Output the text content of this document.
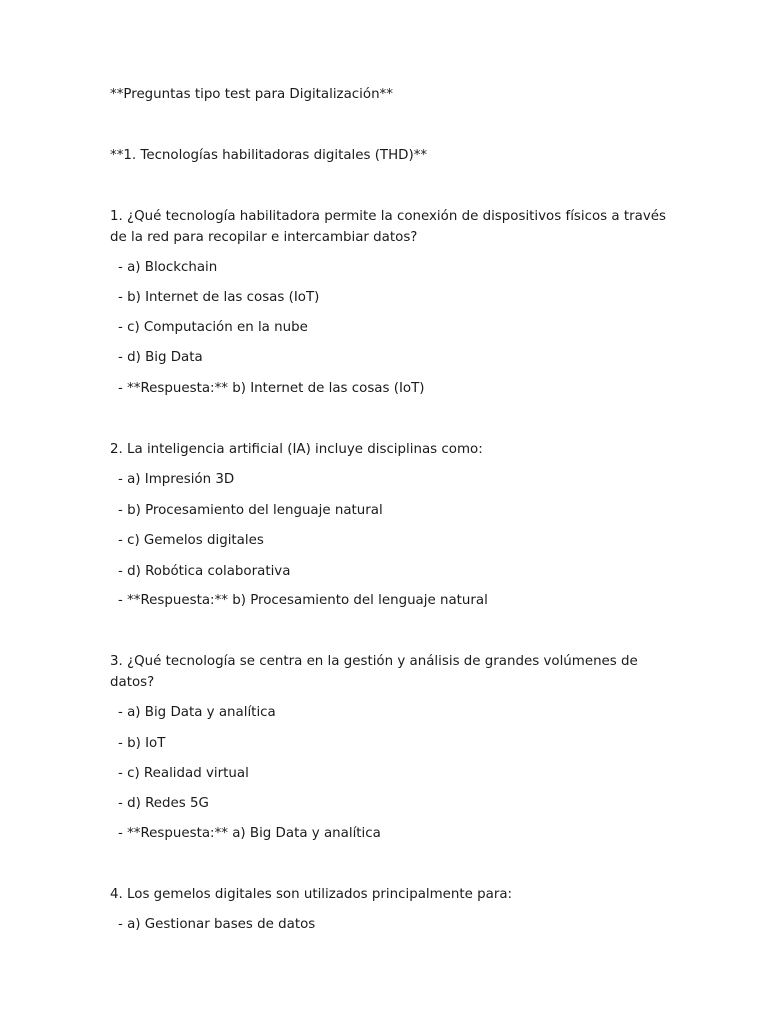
**Preguntas tipo test para Digitalización**
**1. Tecnologías habilitadoras digitales (THD)**
1. ¿Qué tecnología habilitadora permite la conexión de dispositivos físicos a través de la red para recopilar e intercambiar datos?
- a) Blockchain
- b) Internet de las cosas (IoT)
- c) Computación en la nube
- d) Big Data
- **Respuesta:** b) Internet de las cosas (IoT)
2. La inteligencia artificial (IA) incluye disciplinas como:
- a) Impresión 3D
- b) Procesamiento del lenguaje natural
- c) Gemelos digitales
- d) Robótica colaborativa
- **Respuesta:** b) Procesamiento del lenguaje natural
3. ¿Qué tecnología se centra en la gestión y análisis de grandes volúmenes de datos?
- a) Big Data y analítica
- b) IoT
- c) Realidad virtual
- d) Redes 5G
- **Respuesta:** a) Big Data y analítica
4. Los gemelos digitales son utilizados principalmente para:
- a) Gestionar bases de datos
